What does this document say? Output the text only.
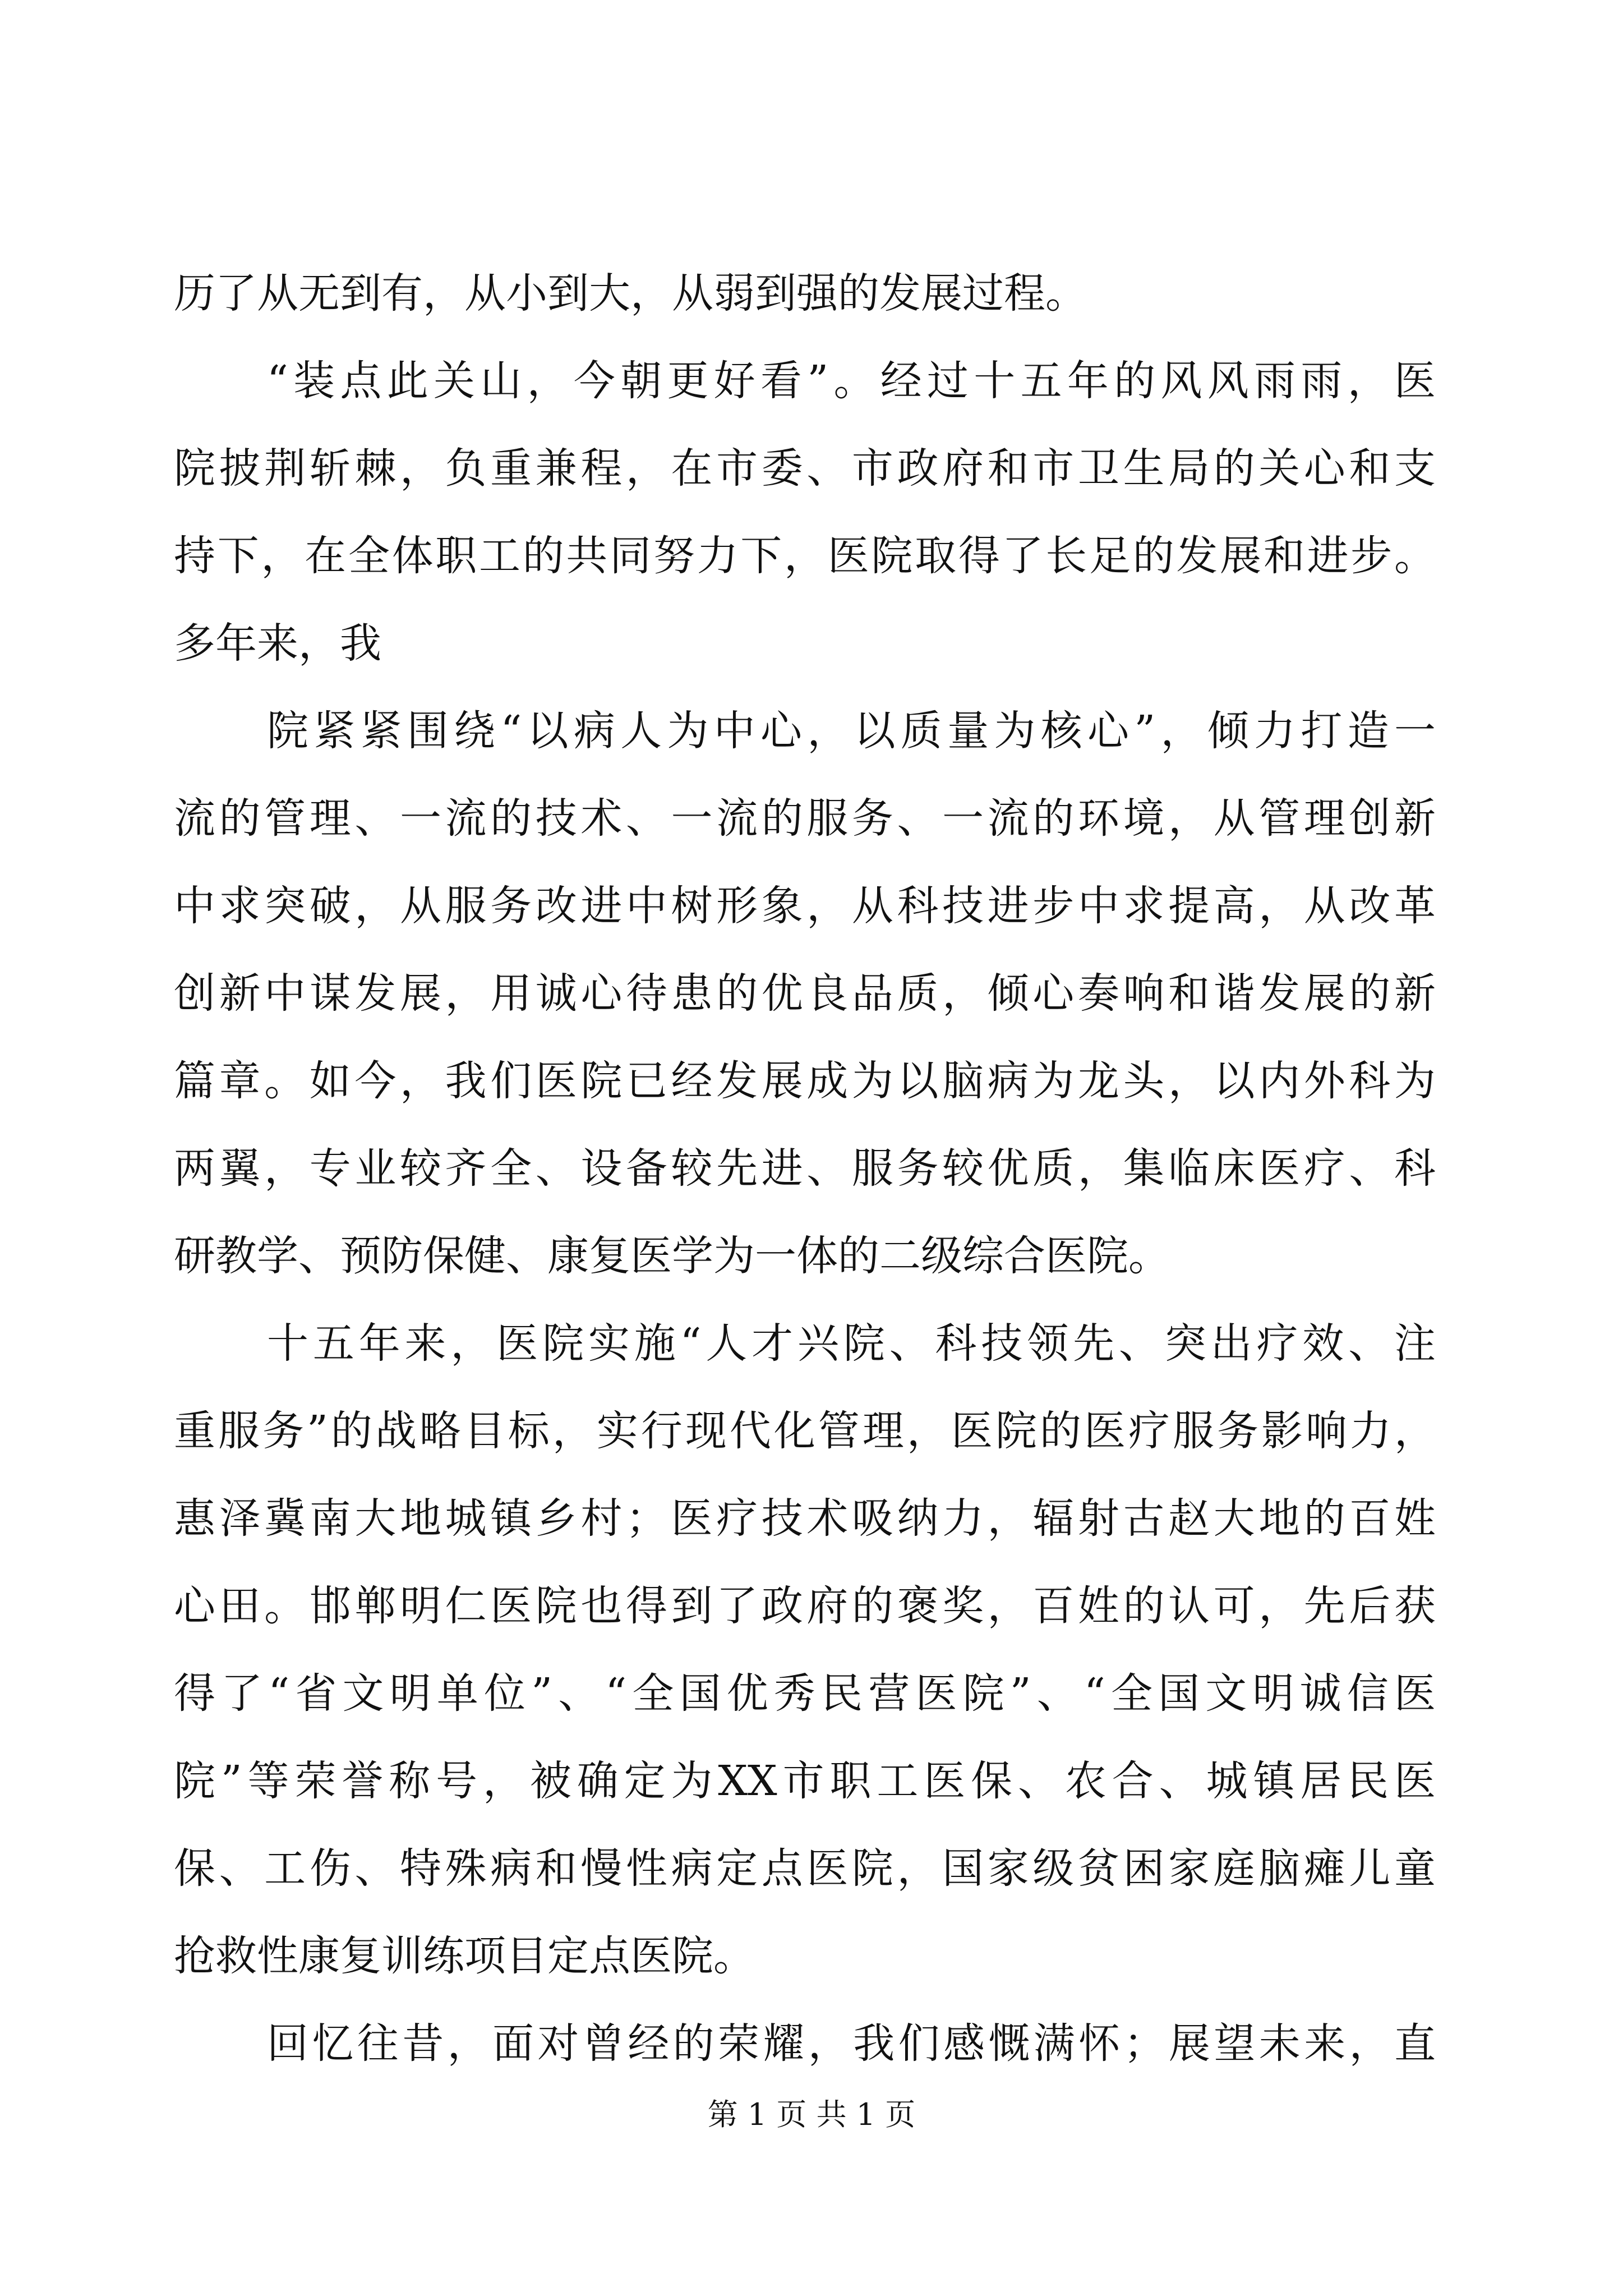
历了从无到有，从小到大，从弱到强的发展过程。
“装点此关山，今朝更好看”。经过十五年的风风雨雨，医
院披荆斩棘，负重兼程，在市委、市政府和市卫生局的关心和支
持下，在全体职工的共同努力下，医院取得了长足的发展和进步。
多年来，我
院紧紧围绕“以病人为中心，以质量为核心”，倾力打造一
流的管理、一流的技术、一流的服务、一流的环境，从管理创新
中求突破，从服务改进中树形象，从科技进步中求提高，从改革
创新中谋发展，用诚心待患的优良品质，倾心奏响和谐发展的新
篇章。如今，我们医院已经发展成为以脑病为龙头，以内外科为
两翼，专业较齐全、设备较先进、服务较优质，集临床医疗、科
研教学、预防保健、康复医学为一体的二级综合医院。
十五年来，医院实施“人才兴院、科技领先、突出疗效、注
重服务”的战略目标，实行现代化管理，医院的医疗服务影响力，
惠泽冀南大地城镇乡村；医疗技术吸纳力，辐射古赵大地的百姓
心田。邯郸明仁医院也得到了政府的褒奖，百姓的认可，先后获
得了“省文明单位”、“全国优秀民营医院”、“全国文明诚信医
院”等荣誉称号，被确定为XX市职工医保、农合、城镇居民医
保、工伤、特殊病和慢性病定点医院，国家级贫困家庭脑瘫儿童
抢救性康复训练项目定点医院。
回忆往昔，面对曾经的荣耀，我们感慨满怀；展望未来，直
第 1 页 共 1 页
